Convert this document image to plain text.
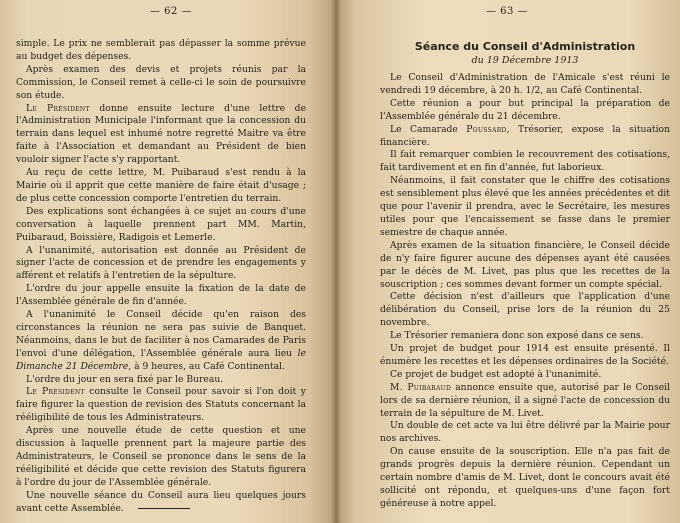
— 62 —

simple. Le prix ne semblerait pas dépasser la somme prévue au budget des dépenses.

Après examen des devis et projets réunis par la Commission, le Conseil remet à celle-ci le soin de poursuivre son étude.

Le Président donne ensuite lecture d'une lettre de l'Administration Municipale l'informant que la concession du terrain dans lequel est inhumé notre regretté Maitre va être faite à l'Association et demandant au Président de bien vouloir signer l'acte s'y rapportant.

Au reçu de cette lettre, M. Puibaraud s'est rendu à la Mairie où il apprit que cette manière de faire était d'usage ; de plus cette concession comporte l'entretien du terrain.

Des explications sont échangées à ce sujet au cours d'une conversation à laquelle prennent part MM. Martin, Puibaraud, Boissière, Radigois et Lemerle.

A l'unanimité, autorisation est donnée au Président de signer l'acte de concession et de prendre les engagements y afférent et relatifs à l'entretien de la sépulture.

L'ordre du jour appelle ensuite la fixation de la date de l'Assemblée générale de fin d'année.

A l'unanimité le Conseil décide qu'en raison des circonstances la réunion ne sera pas suivie de Banquet. Néanmoins, dans le but de faciliter à nos Camarades de Paris l'envoi d'une délégation, l'Assemblée générale aura lieu le Dimanche 21 Décembre, à 9 heures, au Café Continental.

L'ordre du jour en sera fixé par le Bureau.

Le Président consulte le Conseil pour savoir si l'on doit y faire figurer la question de revision des Statuts concernant la rééligibilité de tous les Administrateurs.

Après une nouvelle étude de cette question et une discussion à laquelle prennent part la majeure partie des Administrateurs, le Conseil se prononce dans le sens de la rééligibilité et décide que cette revision des Statuts figurera à l'ordre du jour de l'Assemblée générale.

Une nouvelle séance du Conseil aura lieu quelques jours avant cette Assemblée.

— 63 —
Séance du Conseil d'Administration
du 19 Décembre 1913

Le Conseil d'Administration de l'Amicale s'est réuni le vendredi 19 décembre, à 20 h. 1/2, au Café Continental.

Cette réunion a pour but principal la préparation de l'Assemblée générale du 21 décembre.

Le Camarade Poussard, Trésorier, expose la situation financière.

Il fait remarquer combien le recouvrement des cotisations, fait tardivement et en fin d'année, fut laborieux.

Néanmoins, il fait constater que le chiffre des cotisations est sensiblement plus élevé que les années précédentes et dit que pour l'avenir il prendra, avec le Secrétaire, les mesures utiles pour que l'encaissement se fasse dans le premier semestre de chaque année.

Après examen de la situation financière, le Conseil décide de n'y faire figurer aucune des dépenses ayant été causées par le décès de M. Livet, pas plus que les recettes de la souscription ; ces sommes devant former un compte spécial.

Cette décision n'est d'ailleurs que l'application d'une délibération du Conseil, prise lors de la réunion du 25 novembre.

Le Trésorier remaniera donc son exposé dans ce sens.

Un projet de budget pour 1914 est ensuite présenté. Il énumère les recettes et les dépenses ordinaires de la Société.

Ce projet de budget est adopté à l'unanimité.

M. Puibaraud annonce ensuite que, autorisé par le Conseil lors de sa dernière réunion, il a signé l'acte de concession du terrain de la sépulture de M. Livet.

Un double de cet acte va lui être délivré par la Mairie pour nos archives.

On cause ensuite de la souscription. Elle n'a pas fait de grands progrès depuis la dernière réunion. Cependant un certain nombre d'amis de M. Livet, dont le concours avait été sollicité ont répondu, et quelques-uns d'une façon fort généreuse à notre appel.
